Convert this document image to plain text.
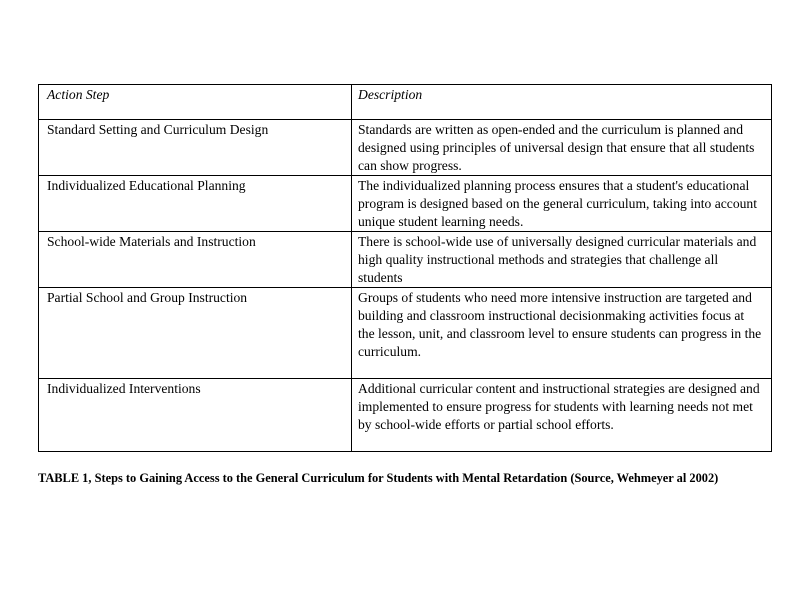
Action Step	Description
Standard Setting and Curriculum Design	Standards are written as open-ended and the curriculum is planned and designed using principles of universal design that ensure that all students can show progress.
Individualized Educational Planning	The individualized planning process ensures that a student's educational program is designed based on the general curriculum, taking into account unique student learning needs.
School-wide Materials and Instruction	There is school-wide use of universally designed curricular materials and high quality instructional methods and strategies that challenge all students
Partial School and Group Instruction	Groups of students who need more intensive instruction are targeted and building and classroom instructional decisionmaking activities focus at the lesson, unit, and classroom level to ensure students can progress in the curriculum.
Individualized Interventions	Additional curricular content and instructional strategies are designed and implemented to ensure progress for students with learning needs not met by school-wide efforts or partial school efforts.
TABLE 1, Steps to Gaining Access to the General Curriculum for Students with Mental Retardation (Source, Wehmeyer al 2002)
